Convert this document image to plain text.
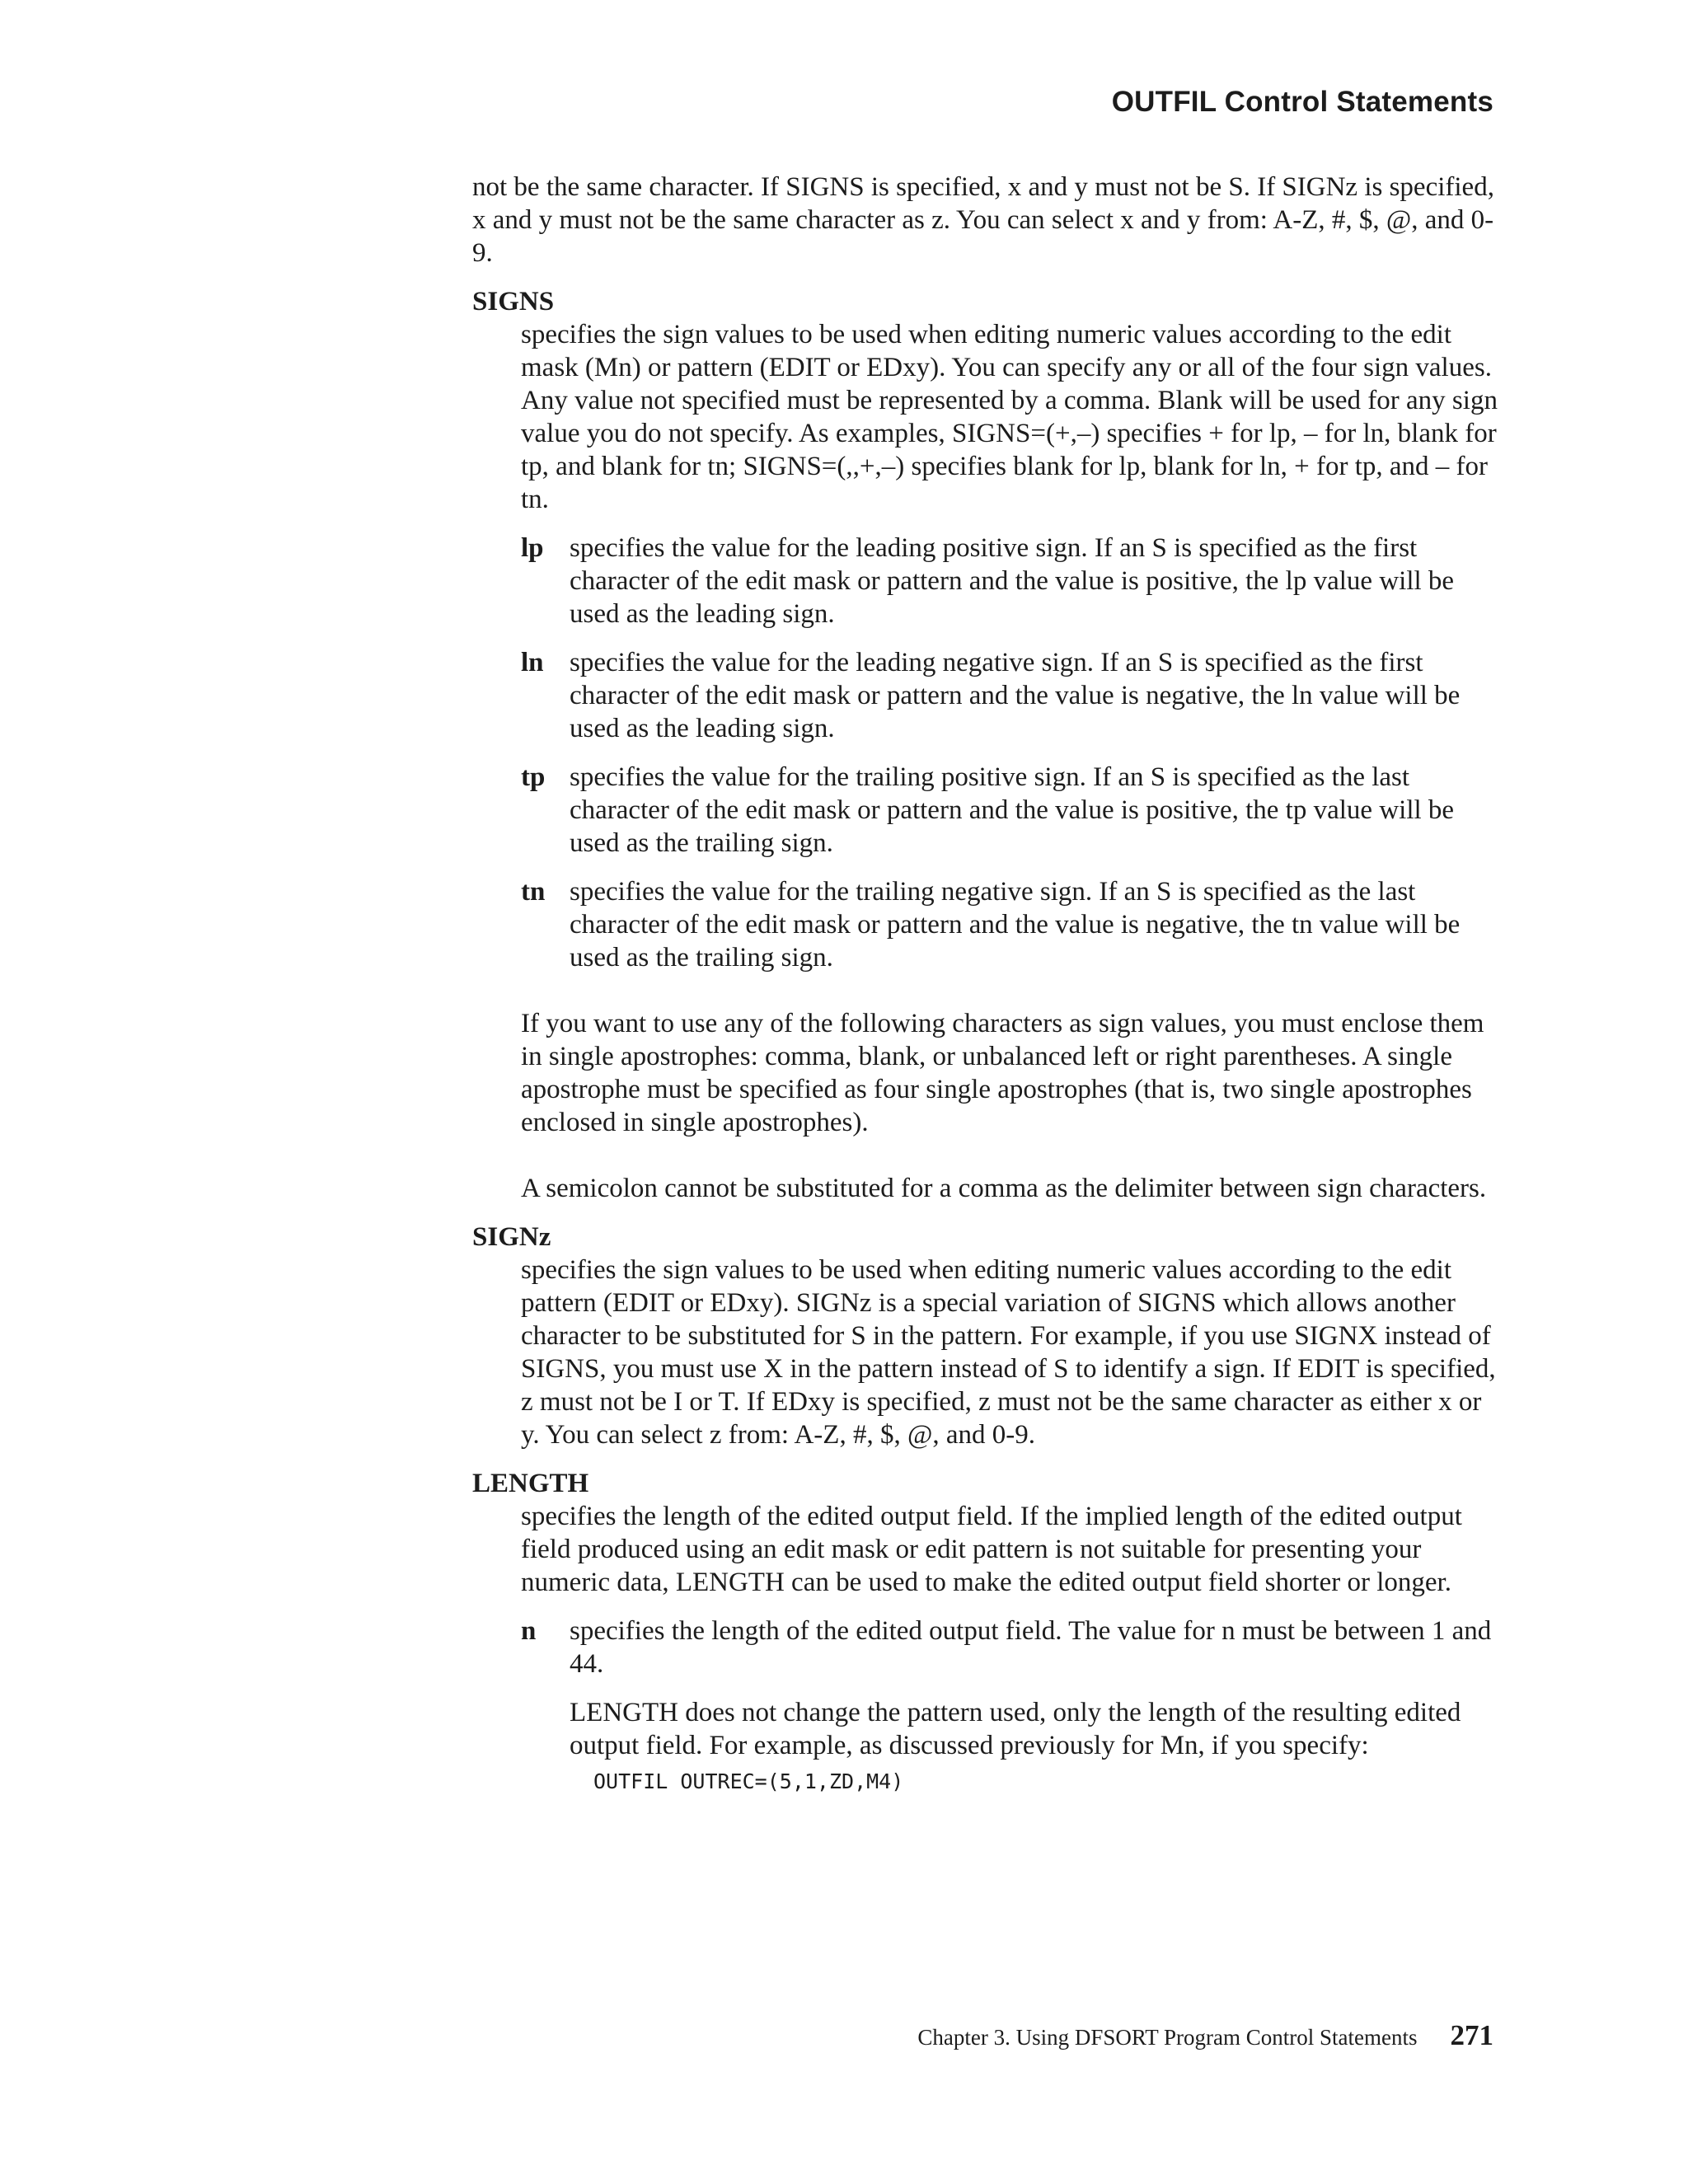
OUTFIL Control Statements

not be the same character. If SIGNS is specified, x and y must not be S. If SIGNz is specified, x and y must not be the same character as z. You can select x and y from: A-Z, #, $, @, and 0-9.

SIGNS

specifies the sign values to be used when editing numeric values according to the edit mask (Mn) or pattern (EDIT or EDxy). You can specify any or all of the four sign values. Any value not specified must be represented by a comma. Blank will be used for any sign value you do not specify. As examples, SIGNS=(+,–) specifies + for lp, – for ln, blank for tp, and blank for tn; SIGNS=(,,+,–) specifies blank for lp, blank for ln, + for tp, and – for tn.

lp specifies the value for the leading positive sign. If an S is specified as the first character of the edit mask or pattern and the value is positive, the lp value will be used as the leading sign.
ln specifies the value for the leading negative sign. If an S is specified as the first character of the edit mask or pattern and the value is negative, the ln value will be used as the leading sign.
tp specifies the value for the trailing positive sign. If an S is specified as the last character of the edit mask or pattern and the value is positive, the tp value will be used as the trailing sign.
tn specifies the value for the trailing negative sign. If an S is specified as the last character of the edit mask or pattern and the value is negative, the tn value will be used as the trailing sign.

If you want to use any of the following characters as sign values, you must enclose them in single apostrophes: comma, blank, or unbalanced left or right parentheses. A single apostrophe must be specified as four single apostrophes (that is, two single apostrophes enclosed in single apostrophes).

A semicolon cannot be substituted for a comma as the delimiter between sign characters.

SIGNz

specifies the sign values to be used when editing numeric values according to the edit pattern (EDIT or EDxy). SIGNz is a special variation of SIGNS which allows another character to be substituted for S in the pattern. For example, if you use SIGNX instead of SIGNS, you must use X in the pattern instead of S to identify a sign. If EDIT is specified, z must not be I or T. If EDxy is specified, z must not be the same character as either x or y. You can select z from: A-Z, #, $, @, and 0-9.

LENGTH

specifies the length of the edited output field. If the implied length of the edited output field produced using an edit mask or edit pattern is not suitable for presenting your numeric data, LENGTH can be used to make the edited output field shorter or longer.

n	specifies the length of the edited output field. The value for n must be between 1 and 44.
LENGTH does not change the pattern used, only the length of the resulting edited output field. For example, as discussed previously for Mn, if you specify:
OUTFIL OUTREC=(5,1,ZD,M4)
Chapter 3. Using DFSORT Program Control Statements 271
